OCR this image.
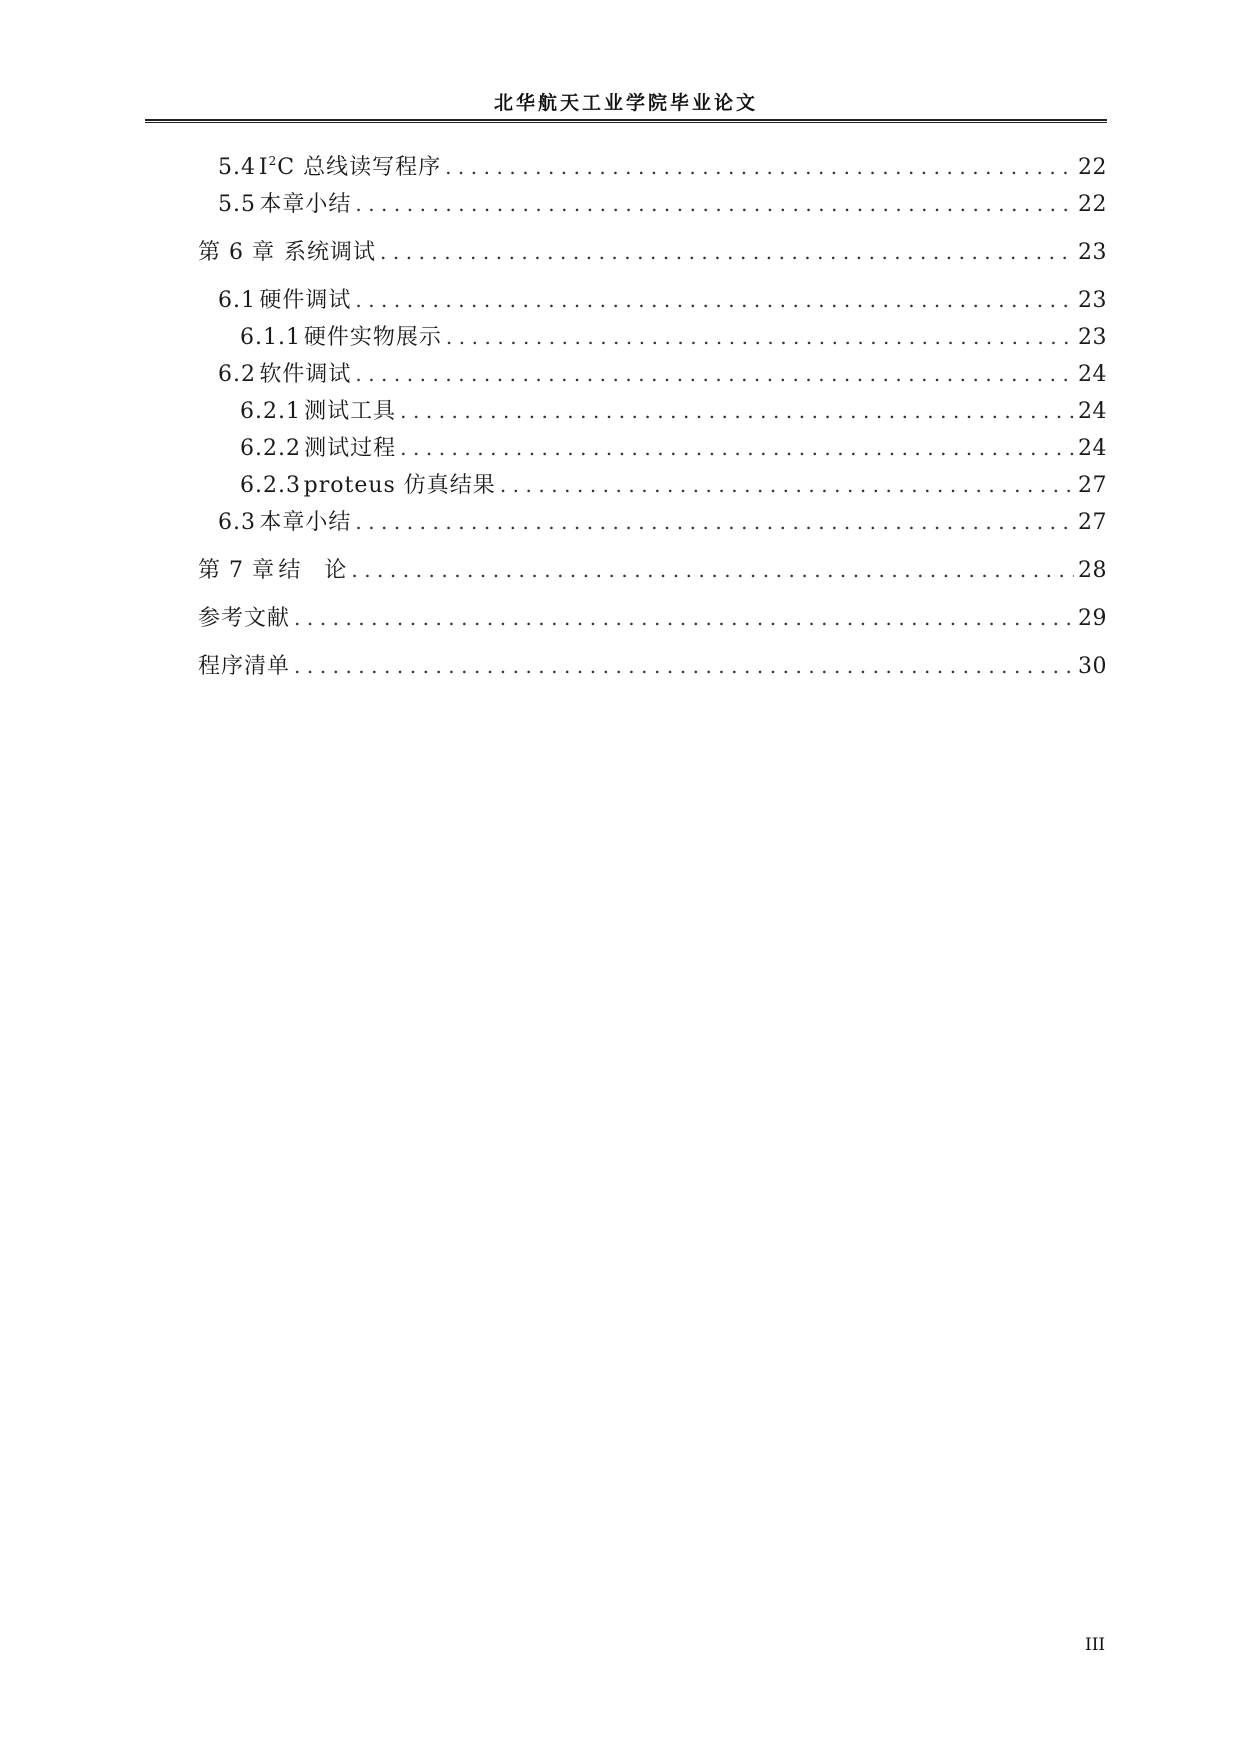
北华航天工业学院毕业论文
5.4 $I^2C$ 总线读写程序 .....	22
5.5 本章小结 .....	22
第 6 章 系统调试 .....	23
6.1 硬件调试 .....	23
6.1.1 硬件实物展示 .....	23
6.2 软件调试 .....	24
6.2.1 测试工具 .....	24
6.2.2 测试过程 .....	24
6.2.3 proteus 仿真结果 .....	27
6.3 本章小结 .....	27
第 7 章 结　论 .....	28
参考文献 .....	29
程序清单 .....	30
III
